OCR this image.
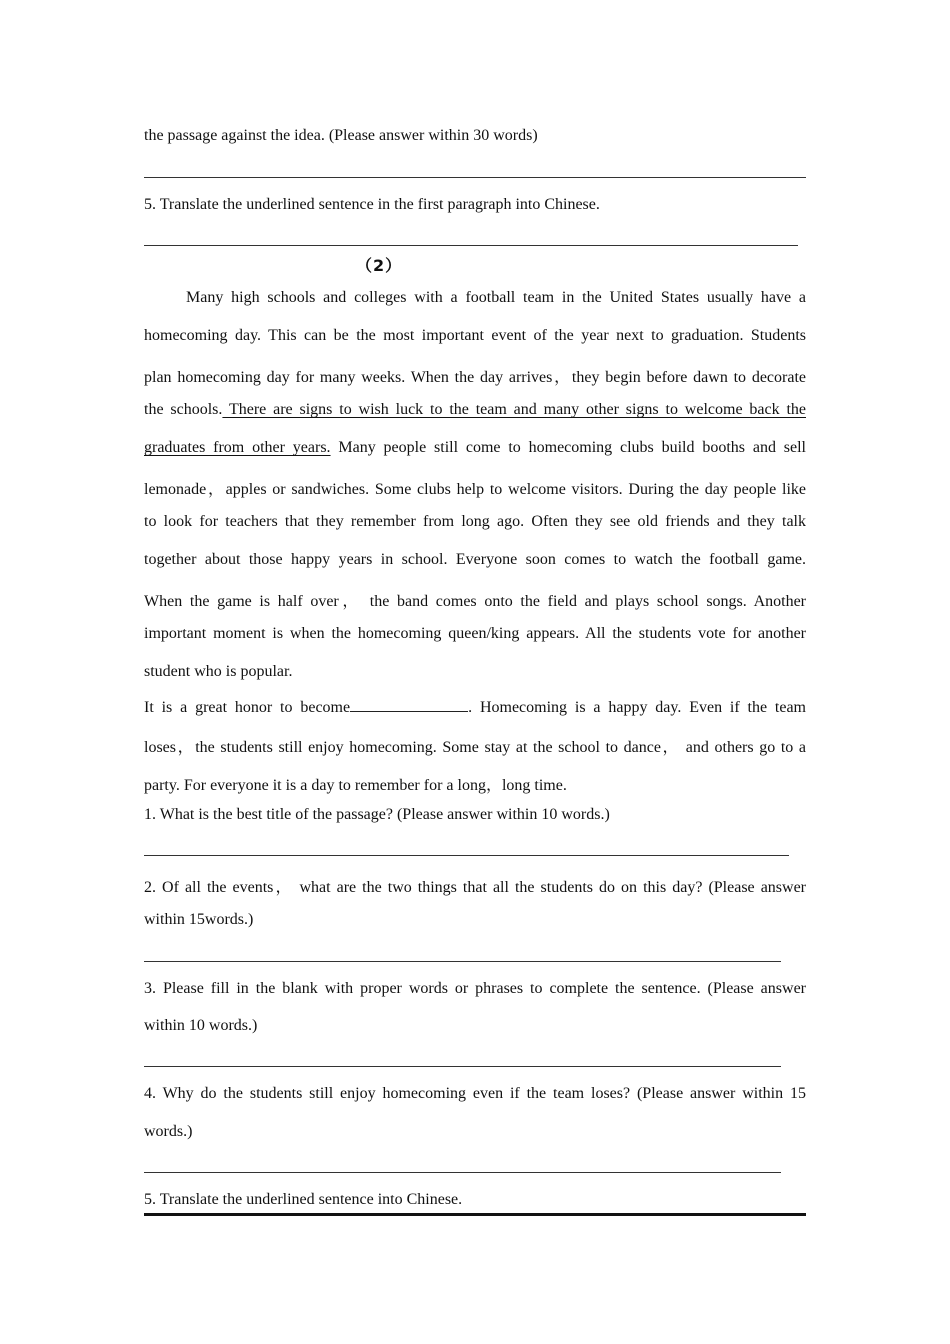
the passage against the idea. (Please answer within 30 words)
5. Translate the underlined sentence in the first paragraph into Chinese.
（2）
Many high schools and colleges with a football team in the United States usually have a
homecoming day. This can be the most important event of the year next to graduation. Students
plan homecoming day for many weeks. When the day arrives，they begin before dawn to decorate
the schools. There are signs to wish luck to the team and many other signs to welcome back the
graduates from other years. Many people still come to homecoming clubs build booths and sell
lemonade，apples or sandwiches. Some clubs help to welcome visitors. During the day people like
to look for teachers that they remember from long ago. Often they see old friends and they talk
together about those happy years in school. Everyone soon comes to watch the football game.
When the game is half over， the band comes onto the field and plays school songs. Another
important moment is when the homecoming queen/king appears. All the students vote for another
student who is popular.
It is a great honor to become	. Homecoming is a happy day. Even if the team
loses，the students still enjoy homecoming. Some stay at the school to dance， and others go to a
party. For everyone it is a day to remember for a long，long time.
1. What is the best title of the passage? (Please answer within 10 words.)
2. Of all the events， what are the two things that all the students do on this day? (Please answer
within 15words.)
3. Please fill in the blank with proper words or phrases to complete the sentence. (Please answer
within 10 words.)
4. Why do the students still enjoy homecoming even if the team loses? (Please answer within 15
words.)
5. Translate the underlined sentence into Chinese.
